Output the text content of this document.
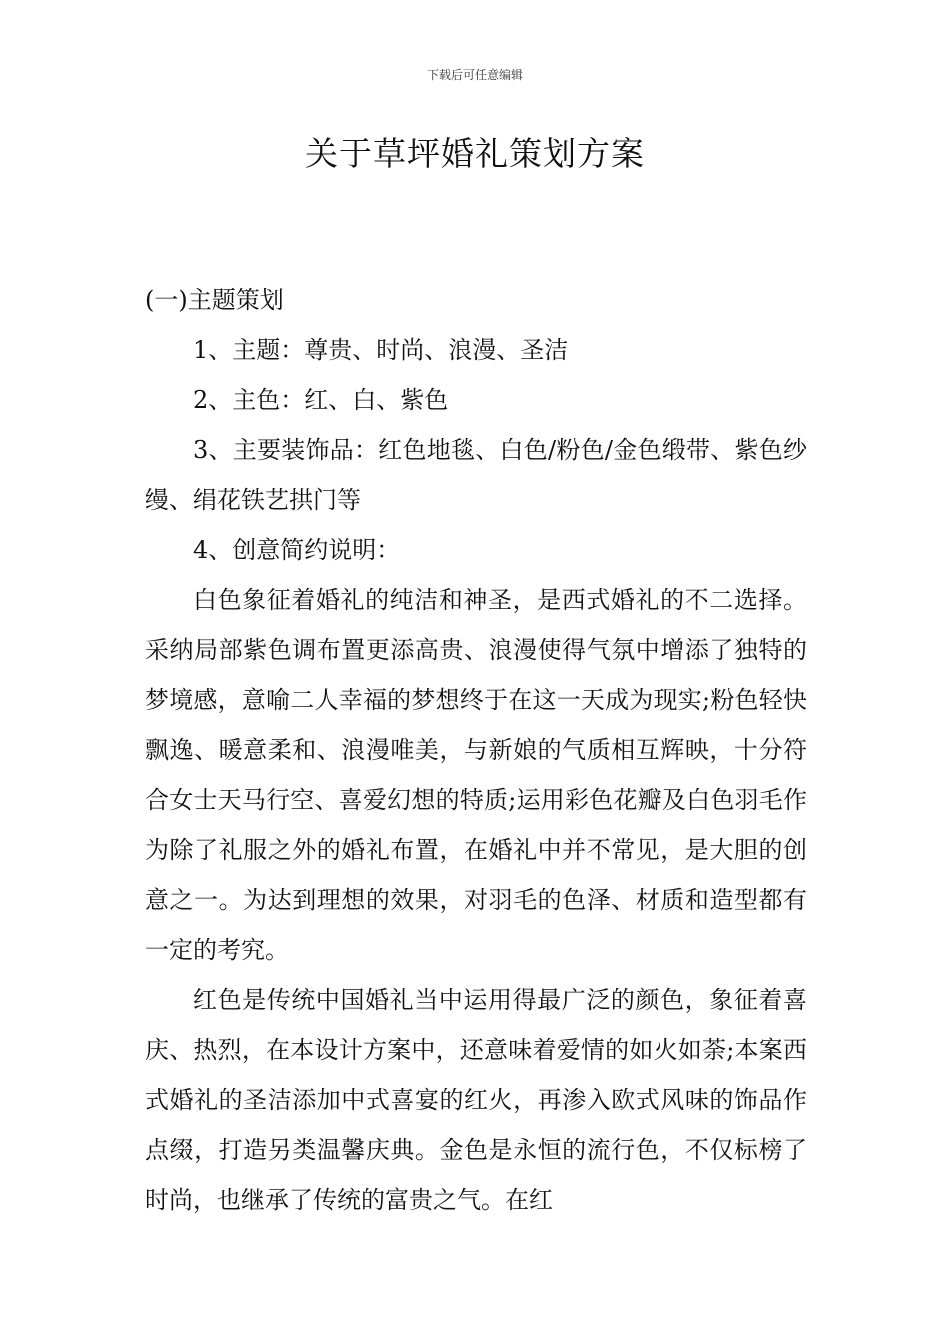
下载后可任意编辑
关于草坪婚礼策划方案

(一)主题策划

1、主题：尊贵、时尚、浪漫、圣洁

2、主色：红、白、紫色

3、主要装饰品：红色地毯、白色/粉色/金色缎带、紫色纱缦、绢花铁艺拱门等

4、创意简约说明：

白色象征着婚礼的纯洁和神圣，是西式婚礼的不二选择。采纳局部紫色调布置更添高贵、浪漫使得气氛中增添了独特的梦境感，意喻二人幸福的梦想终于在这一天成为现实;粉色轻快飘逸、暖意柔和、浪漫唯美，与新娘的气质相互辉映，十分符合女士天马行空、喜爱幻想的特质;运用彩色花瓣及白色羽毛作为除了礼服之外的婚礼布置，在婚礼中并不常见，是大胆的创意之一。为达到理想的效果，对羽毛的色泽、材质和造型都有一定的考究。

红色是传统中国婚礼当中运用得最广泛的颜色，象征着喜庆、热烈，在本设计方案中，还意味着爱情的如火如荼;本案西式婚礼的圣洁添加中式喜宴的红火，再渗入欧式风味的饰品作点缀，打造另类温馨庆典。金色是永恒的流行色，不仅标榜了时尚，也继承了传统的富贵之气。在红
